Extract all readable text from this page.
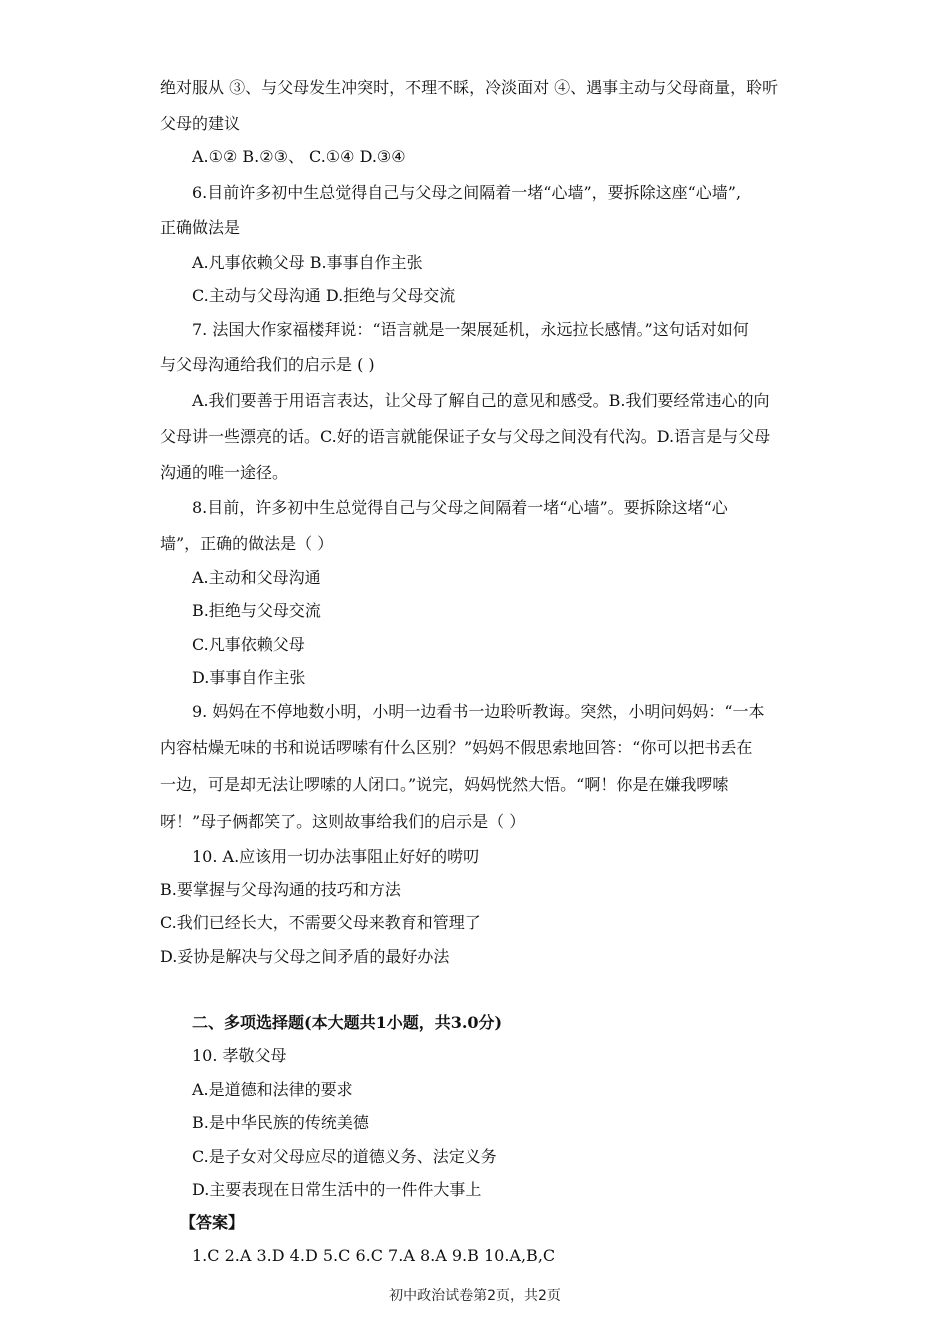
绝对服从 ③、与父母发生冲突时，不理不睬，冷淡面对 ④、遇事主动与父母商量，聆听
父母的建议
A.①② B.②③、 C.①④ D.③④
6.目前许多初中生总觉得自己与父母之间隔着一堵“心墙”，要拆除这座“心墙”,
正确做法是
A.凡事依赖父母 B.事事自作主张
C.主动与父母沟通 D.拒绝与父母交流
7. 法国大作家福楼拜说：“语言就是一架展延机，永远拉长感情。”这句话对如何
与父母沟通给我们的启示是 ( )
A.我们要善于用语言表达，让父母了解自己的意见和感受。B.我们要经常违心的向
父母讲一些漂亮的话。C.好的语言就能保证子女与父母之间没有代沟。D.语言是与父母
沟通的唯一途径。
8.目前，许多初中生总觉得自己与父母之间隔着一堵“心墙”。要拆除这堵“心
墙”，正确的做法是（ ）
A.主动和父母沟通
B.拒绝与父母交流
C.凡事依赖父母
D.事事自作主张
9. 妈妈在不停地数小明，小明一边看书一边聆听教诲。突然，小明问妈妈：“一本
内容枯燥无味的书和说话啰嗦有什么区别？”妈妈不假思索地回答：“你可以把书丢在
一边，可是却无法让啰嗦的人闭口。”说完，妈妈恍然大悟。“啊！你是在嫌我啰嗦
呀！”母子俩都笑了。这则故事给我们的启示是（ ）
10. A.应该用一切办法事阻止好好的唠叨
B.要掌握与父母沟通的技巧和方法
C.我们已经长大，不需要父母来教育和管理了
D.妥协是解决与父母之间矛盾的最好办法
二、多项选择题(本大题共1小题，共3.0分)
10. 孝敬父母
A.是道德和法律的要求
B.是中华民族的传统美德
C.是子女对父母应尽的道德义务、法定义务
D.主要表现在日常生活中的一件件大事上
【答案】
1.C 2.A 3.D 4.D 5.C 6.C 7.A 8.A 9.B 10.A,B,C
初中政治试卷第2页，共2页
